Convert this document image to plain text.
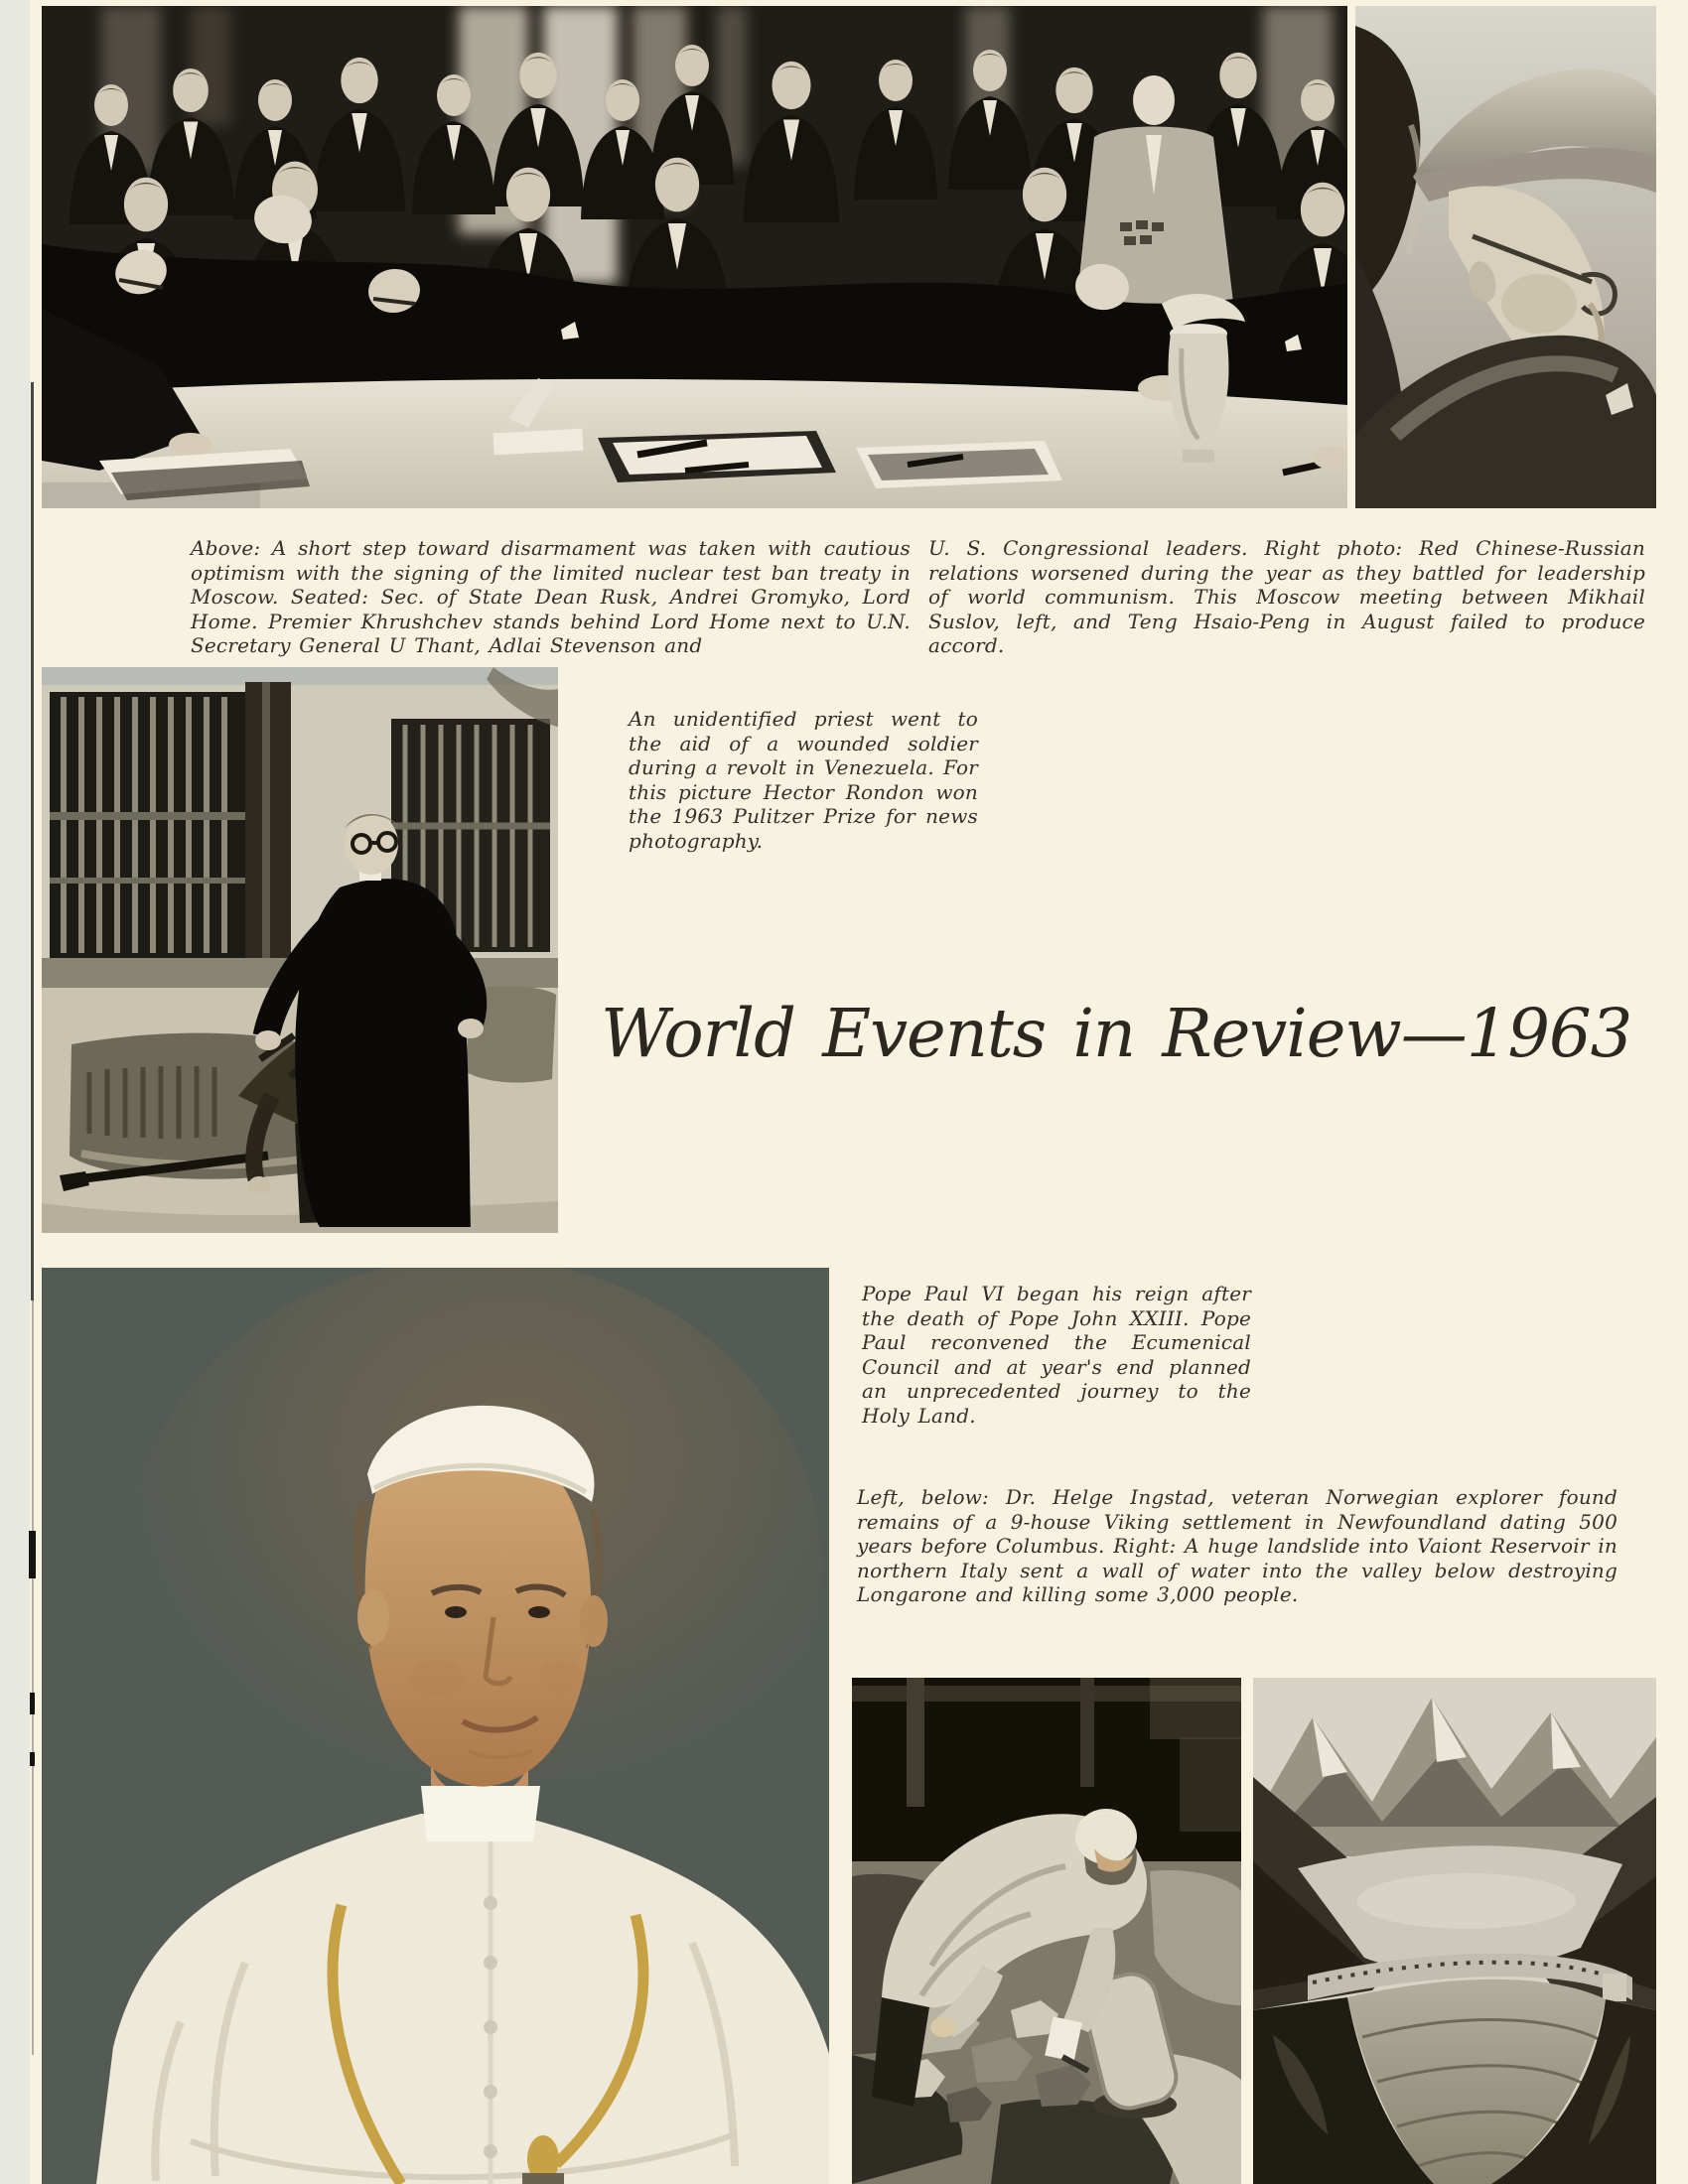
Above: A short step toward disarmament was taken with cautious optimism with the signing of the limited nuclear test ban treaty in Moscow. Seated: Sec. of State Dean Rusk, Andrei Gromyko, Lord Home. Premier Khrushchev stands behind Lord Home next to U.N. Secretary General U Thant, Adlai Stevenson and
U. S. Congressional leaders. Right photo: Red Chinese-Russian relations worsened during the year as they battled for leadership of world communism. This Moscow meeting between Mikhail Suslov, left, and Teng Hsaio-Peng in August failed to produce accord.
An unidentified priest went to the aid of a wounded soldier during a revolt in Venezuela. For this picture Hector Rondon won the 1963 Pulitzer Prize for news photography.
World Events in Review—1963
Pope Paul VI began his reign after the death of Pope John XXIII. Pope Paul reconvened the Ecumenical Council and at year's end planned an unprecedented journey to the Holy Land.
Left, below: Dr. Helge Ingstad, veteran Norwegian explorer found remains of a 9-house Viking settlement in Newfoundland dating 500 years before Columbus. Right: A huge landslide into Vaiont Reservoir in northern Italy sent a wall of water into the valley below destroying Longarone and killing some 3,000 people.
